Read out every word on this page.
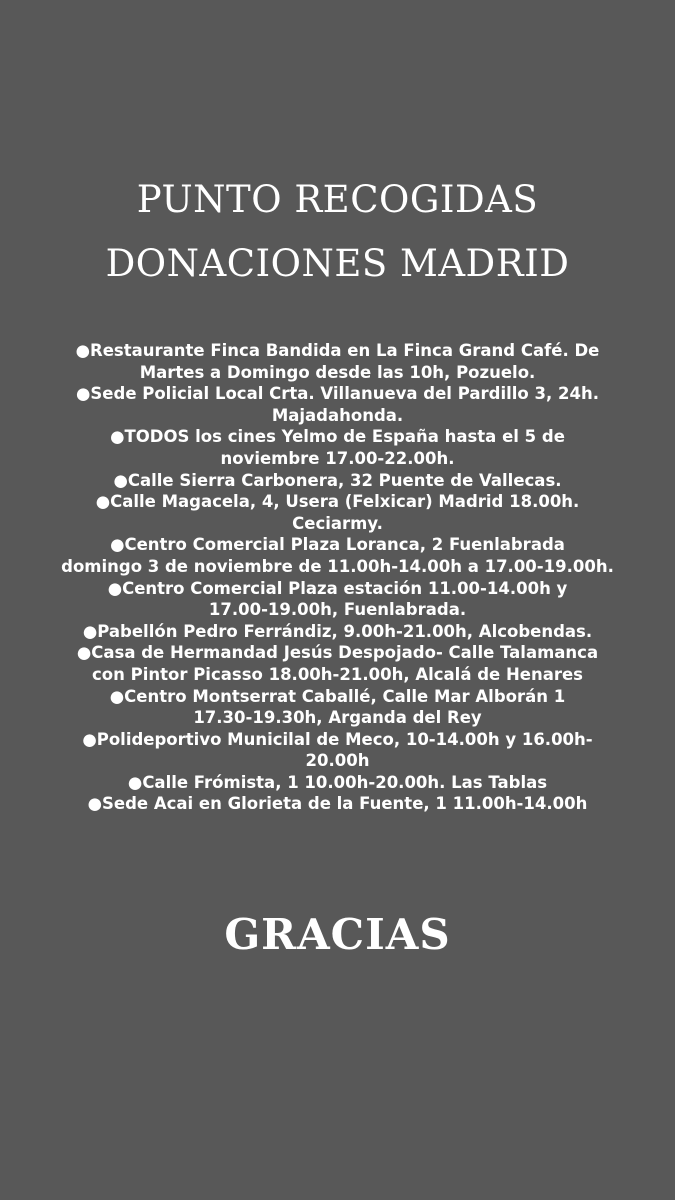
PUNTO RECOGIDAS
DONACIONES MADRID
●Restaurante Finca Bandida en La Finca Grand Café. De
Martes a Domingo desde las 10h, Pozuelo.
●Sede Policial Local Crta. Villanueva del Pardillo 3, 24h.
Majadahonda.
●TODOS los cines Yelmo de España hasta el 5 de
noviembre 17.00-22.00h.
●Calle Sierra Carbonera, 32 Puente de Vallecas.
●Calle Magacela, 4, Usera (Felxicar) Madrid 18.00h.
Ceciarmy.
●Centro Comercial Plaza Loranca, 2 Fuenlabrada
domingo 3 de noviembre de 11.00h-14.00h a 17.00-19.00h.
●Centro Comercial Plaza estación 11.00-14.00h y
17.00-19.00h, Fuenlabrada.
●Pabellón Pedro Ferrándiz, 9.00h-21.00h, Alcobendas.
●Casa de Hermandad Jesús Despojado- Calle Talamanca
con Pintor Picasso 18.00h-21.00h, Alcalá de Henares
●Centro Montserrat Caballé, Calle Mar Alborán 1
17.30-19.30h, Arganda del Rey
●Polideportivo Municilal de Meco, 10-14.00h y 16.00h-
20.00h
●Calle Frómista, 1 10.00h-20.00h. Las Tablas
●Sede Acai en Glorieta de la Fuente, 1 11.00h-14.00h
GRACIAS
